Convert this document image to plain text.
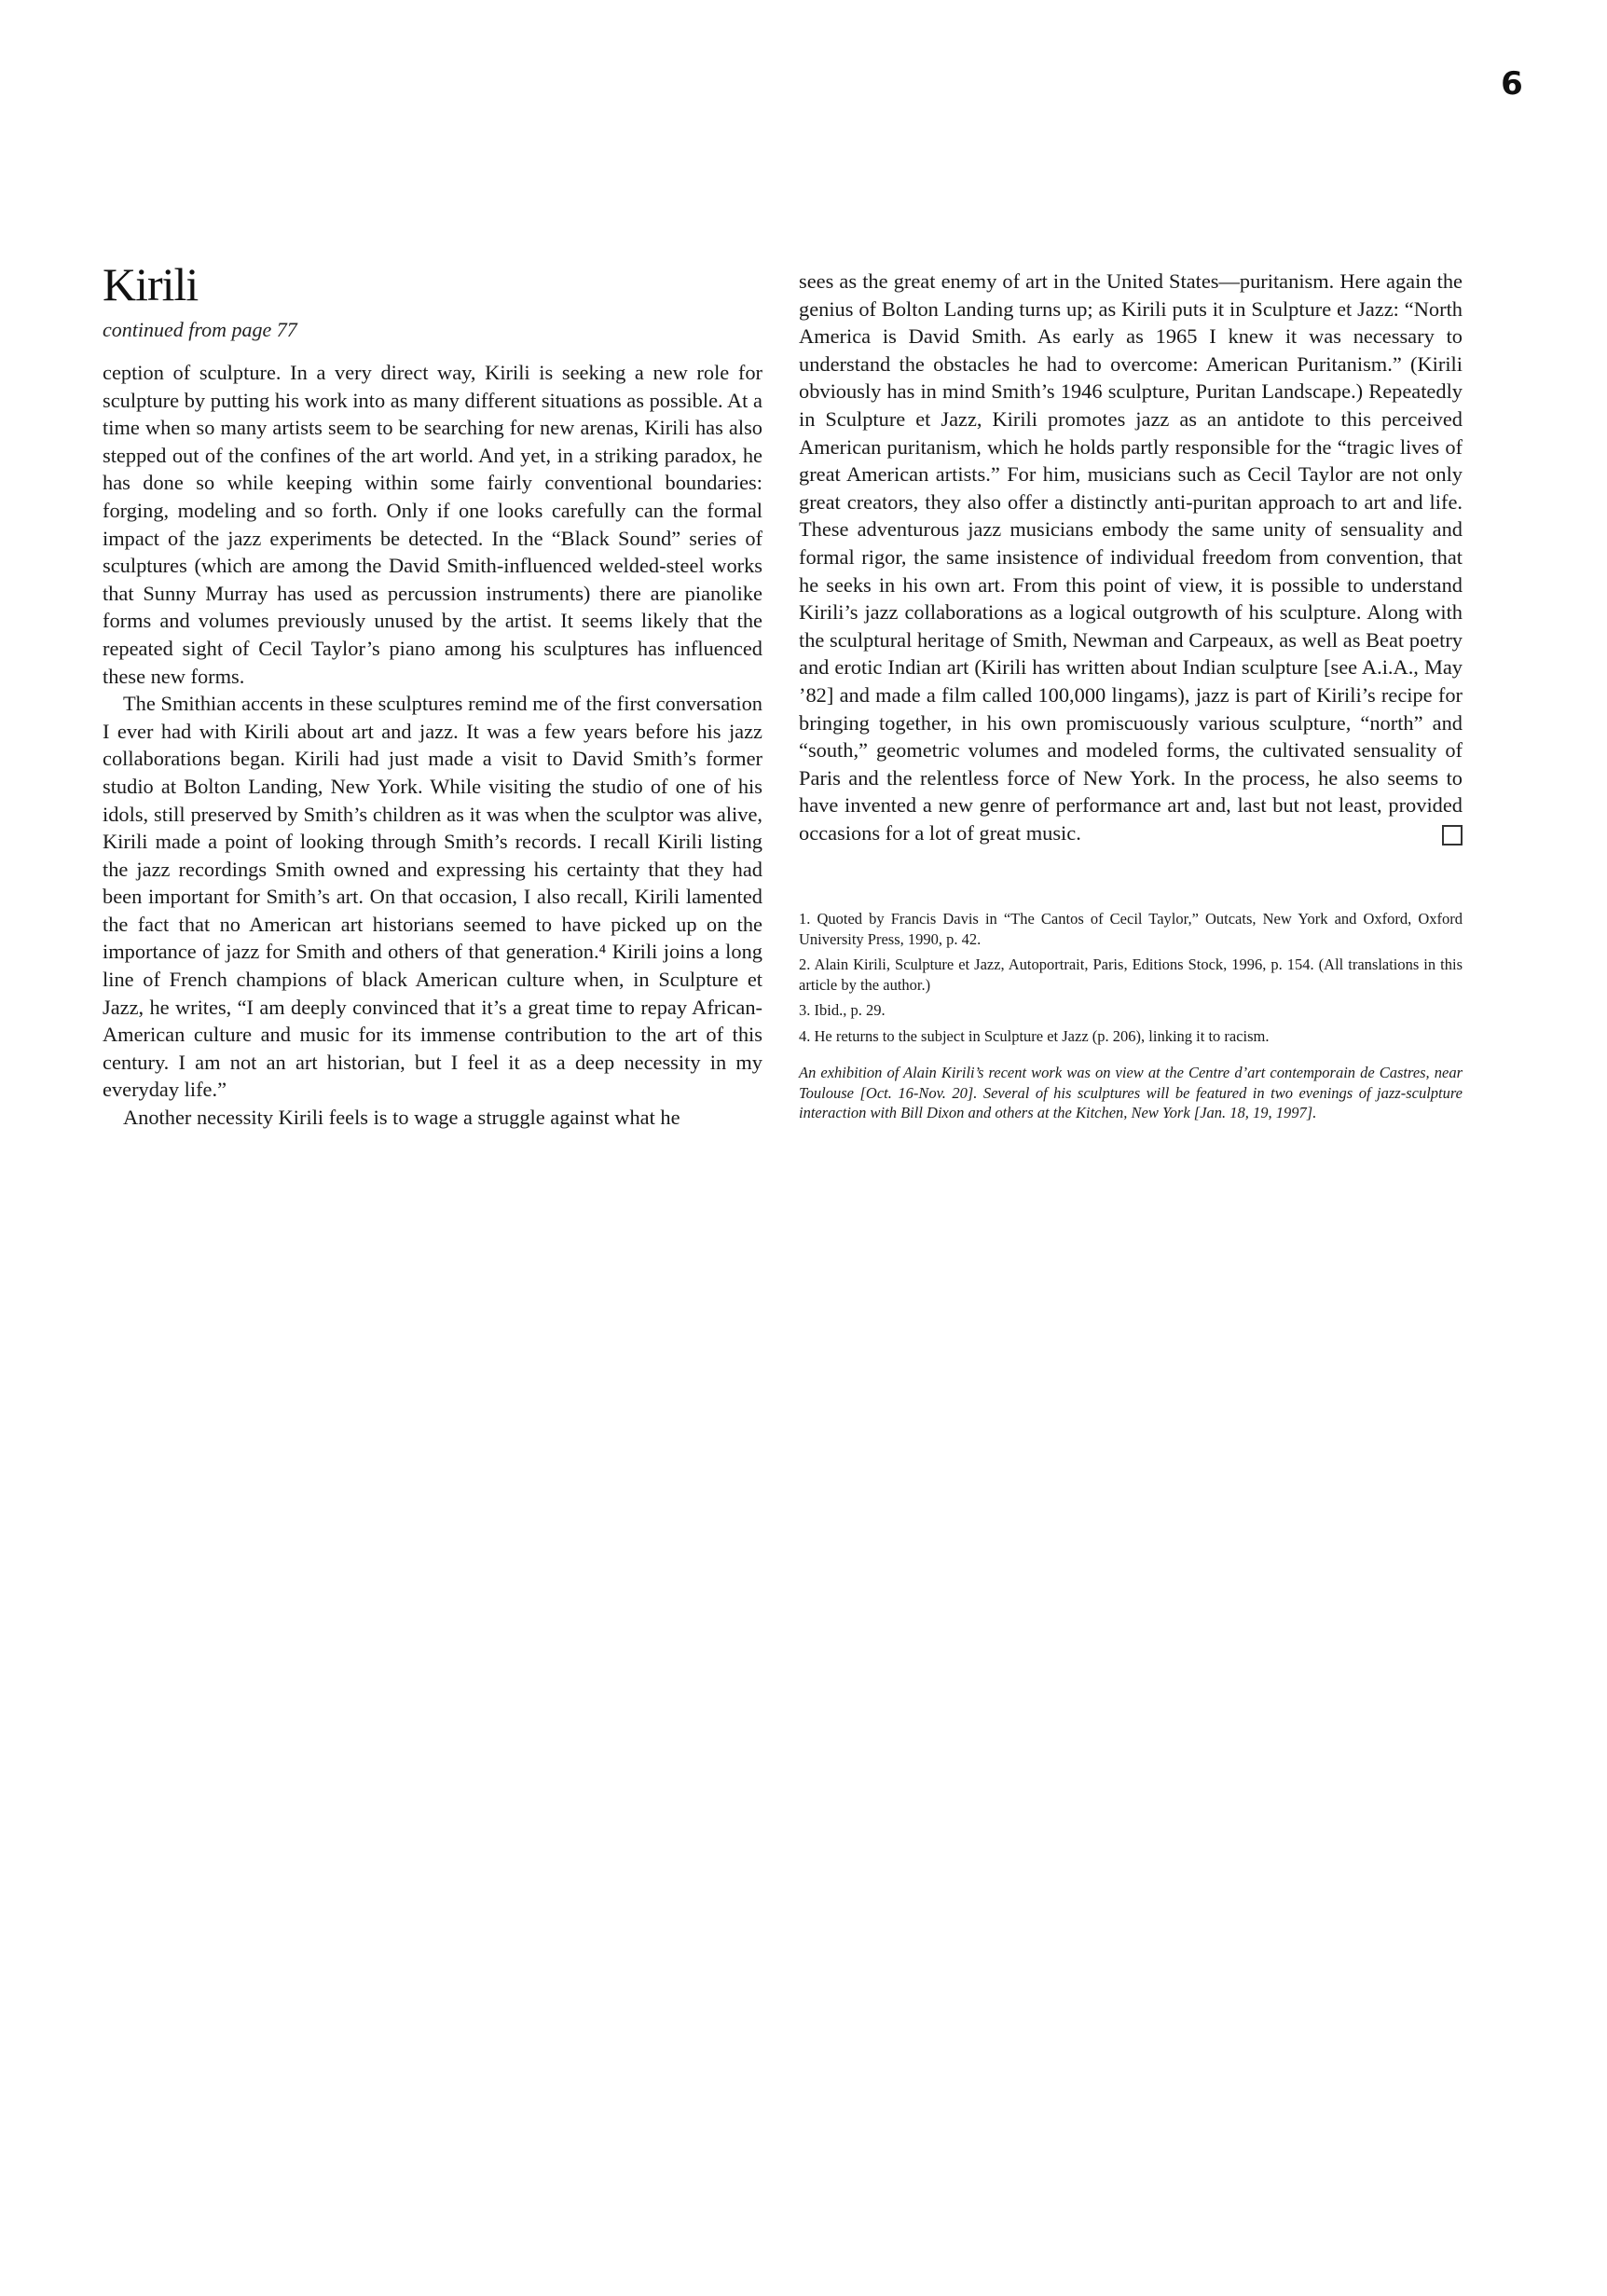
6
Kirili
continued from page 77

ception of sculpture. In a very direct way, Kirili is seeking a new role for sculpture by putting his work into as many different situations as possible. At a time when so many artists seem to be searching for new arenas, Kirili has also stepped out of the confines of the art world. And yet, in a striking paradox, he has done so while keeping within some fairly conventional boundaries: forging, modeling and so forth. Only if one looks carefully can the formal impact of the jazz experiments be detected. In the “Black Sound” series of sculptures (which are among the David Smith-influenced welded-steel works that Sunny Murray has used as percussion instruments) there are pianolike forms and volumes previously unused by the artist. It seems likely that the repeated sight of Cecil Taylor’s piano among his sculptures has influenced these new forms.

The Smithian accents in these sculptures remind me of the first conversation I ever had with Kirili about art and jazz. It was a few years before his jazz collaborations began. Kirili had just made a visit to David Smith’s former studio at Bolton Landing, New York. While visiting the studio of one of his idols, still preserved by Smith’s children as it was when the sculptor was alive, Kirili made a point of looking through Smith’s records. I recall Kirili listing the jazz recordings Smith owned and expressing his certainty that they had been important for Smith’s art. On that occasion, I also recall, Kirili lamented the fact that no American art historians seemed to have picked up on the importance of jazz for Smith and others of that generation.⁴ Kirili joins a long line of French champions of black American culture when, in Sculpture et Jazz, he writes, “I am deeply convinced that it’s a great time to repay African-American culture and music for its immense contribution to the art of this century. I am not an art historian, but I feel it as a deep necessity in my everyday life.”

Another necessity Kirili feels is to wage a struggle against what he

sees as the great enemy of art in the United States—puritanism. Here again the genius of Bolton Landing turns up; as Kirili puts it in Sculpture et Jazz: “North America is David Smith. As early as 1965 I knew it was necessary to understand the obstacles he had to overcome: American Puritanism.” (Kirili obviously has in mind Smith’s 1946 sculpture, Puritan Landscape.) Repeatedly in Sculpture et Jazz, Kirili promotes jazz as an antidote to this perceived American puritanism, which he holds partly responsible for the “tragic lives of great American artists.” For him, musicians such as Cecil Taylor are not only great creators, they also offer a distinctly anti-puritan approach to art and life. These adventurous jazz musicians embody the same unity of sensuality and formal rigor, the same insistence of individual freedom from convention, that he seeks in his own art. From this point of view, it is possible to understand Kirili’s jazz collaborations as a logical outgrowth of his sculpture. Along with the sculptural heritage of Smith, Newman and Carpeaux, as well as Beat poetry and erotic Indian art (Kirili has written about Indian sculpture [see A.i.A., May ’82] and made a film called 100,000 lingams), jazz is part of Kirili’s recipe for bringing together, in his own promiscuously various sculpture, “north” and “south,” geometric volumes and modeled forms, the cultivated sensuality of Paris and the relentless force of New York. In the process, he also seems to have invented a new genre of performance art and, last but not least, provided occasions for a lot of great music.

1. Quoted by Francis Davis in “The Cantos of Cecil Taylor,” Outcats, New York and Oxford, Oxford University Press, 1990, p. 42.

2. Alain Kirili, Sculpture et Jazz, Autoportrait, Paris, Editions Stock, 1996, p. 154. (All translations in this article by the author.)

3. Ibid., p. 29.

4. He returns to the subject in Sculpture et Jazz (p. 206), linking it to racism.

An exhibition of Alain Kirili’s recent work was on view at the Centre d’art contemporain de Castres, near Toulouse [Oct. 16-Nov. 20]. Several of his sculptures will be featured in two evenings of jazz-sculpture interaction with Bill Dixon and others at the Kitchen, New York [Jan. 18, 19, 1997].
